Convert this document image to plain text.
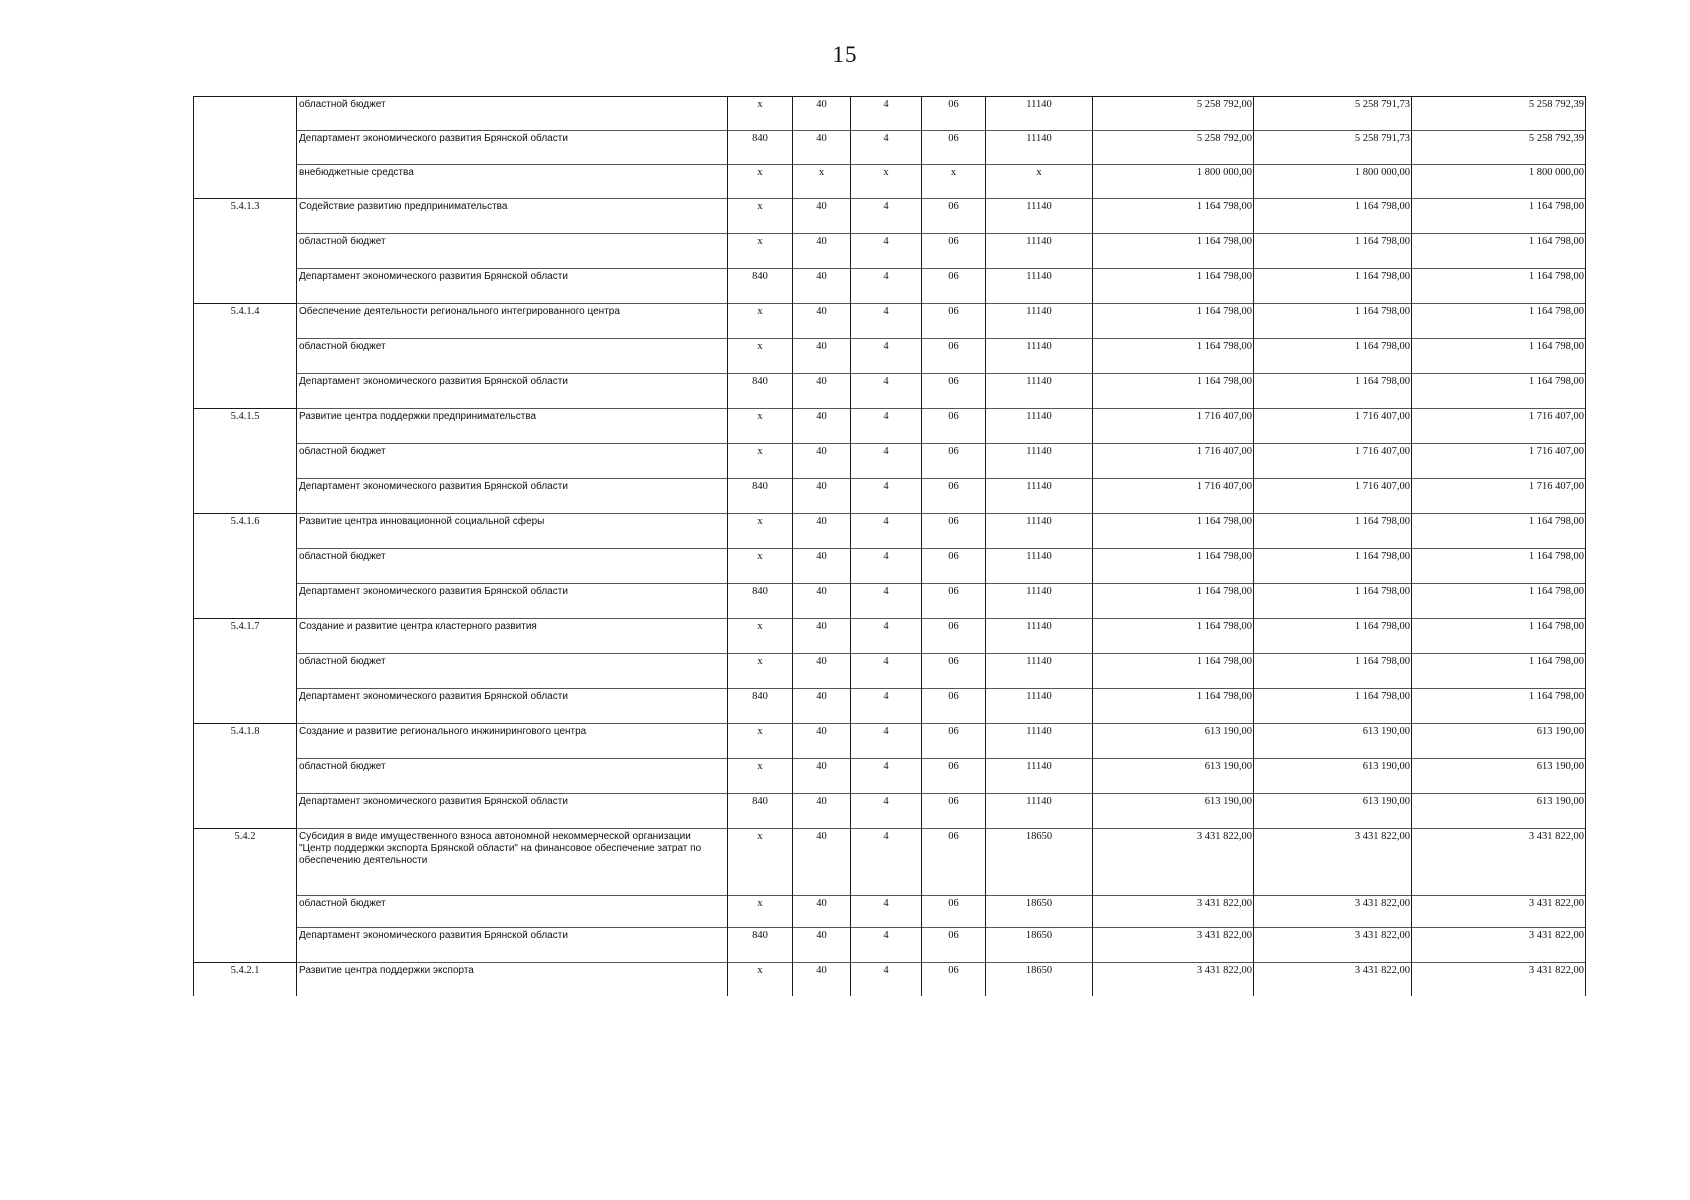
15
	областной бюджет	x	40	4	06	11140	5 258 792,00	5 258 791,73	5 258 792,39
	Департамент экономического развития Брянской области	840	40	4	06	11140	5 258 792,00	5 258 791,73	5 258 792,39
	внебюджетные средства	x	x	x	x	x	1 800 000,00	1 800 000,00	1 800 000,00
5.4.1.3	Содействие развитию предпринимательства	x	40	4	06	11140	1 164 798,00	1 164 798,00	1 164 798,00
	областной бюджет	x	40	4	06	11140	1 164 798,00	1 164 798,00	1 164 798,00
	Департамент экономического развития Брянской области	840	40	4	06	11140	1 164 798,00	1 164 798,00	1 164 798,00
5.4.1.4	Обеспечение деятельности регионального интегрированного центра	x	40	4	06	11140	1 164 798,00	1 164 798,00	1 164 798,00
	областной бюджет	x	40	4	06	11140	1 164 798,00	1 164 798,00	1 164 798,00
	Департамент экономического развития Брянской области	840	40	4	06	11140	1 164 798,00	1 164 798,00	1 164 798,00
5.4.1.5	Развитие центра поддержки предпринимательства	x	40	4	06	11140	1 716 407,00	1 716 407,00	1 716 407,00
	областной бюджет	x	40	4	06	11140	1 716 407,00	1 716 407,00	1 716 407,00
	Департамент экономического развития Брянской области	840	40	4	06	11140	1 716 407,00	1 716 407,00	1 716 407,00
5.4.1.6	Развитие центра инновационной социальной сферы	x	40	4	06	11140	1 164 798,00	1 164 798,00	1 164 798,00
	областной бюджет	x	40	4	06	11140	1 164 798,00	1 164 798,00	1 164 798,00
	Департамент экономического развития Брянской области	840	40	4	06	11140	1 164 798,00	1 164 798,00	1 164 798,00
5.4.1.7	Создание и развитие центра кластерного развития	x	40	4	06	11140	1 164 798,00	1 164 798,00	1 164 798,00
	областной бюджет	x	40	4	06	11140	1 164 798,00	1 164 798,00	1 164 798,00
	Департамент экономического развития Брянской области	840	40	4	06	11140	1 164 798,00	1 164 798,00	1 164 798,00
5.4.1.8	Создание и развитие регионального инжинирингового центра	x	40	4	06	11140	613 190,00	613 190,00	613 190,00
	областной бюджет	x	40	4	06	11140	613 190,00	613 190,00	613 190,00
	Департамент экономического развития Брянской области	840	40	4	06	11140	613 190,00	613 190,00	613 190,00
5.4.2	Субсидия в виде имущественного взноса автономной некоммерческой организации "Центр поддержки экспорта Брянской области" на финансовое обеспечение затрат по обеспечению деятельности	x	40	4	06	18650	3 431 822,00	3 431 822,00	3 431 822,00
	областной бюджет	x	40	4	06	18650	3 431 822,00	3 431 822,00	3 431 822,00
	Департамент экономического развития Брянской области	840	40	4	06	18650	3 431 822,00	3 431 822,00	3 431 822,00
5.4.2.1	Развитие центра поддержки экспорта	x	40	4	06	18650	3 431 822,00	3 431 822,00	3 431 822,00
